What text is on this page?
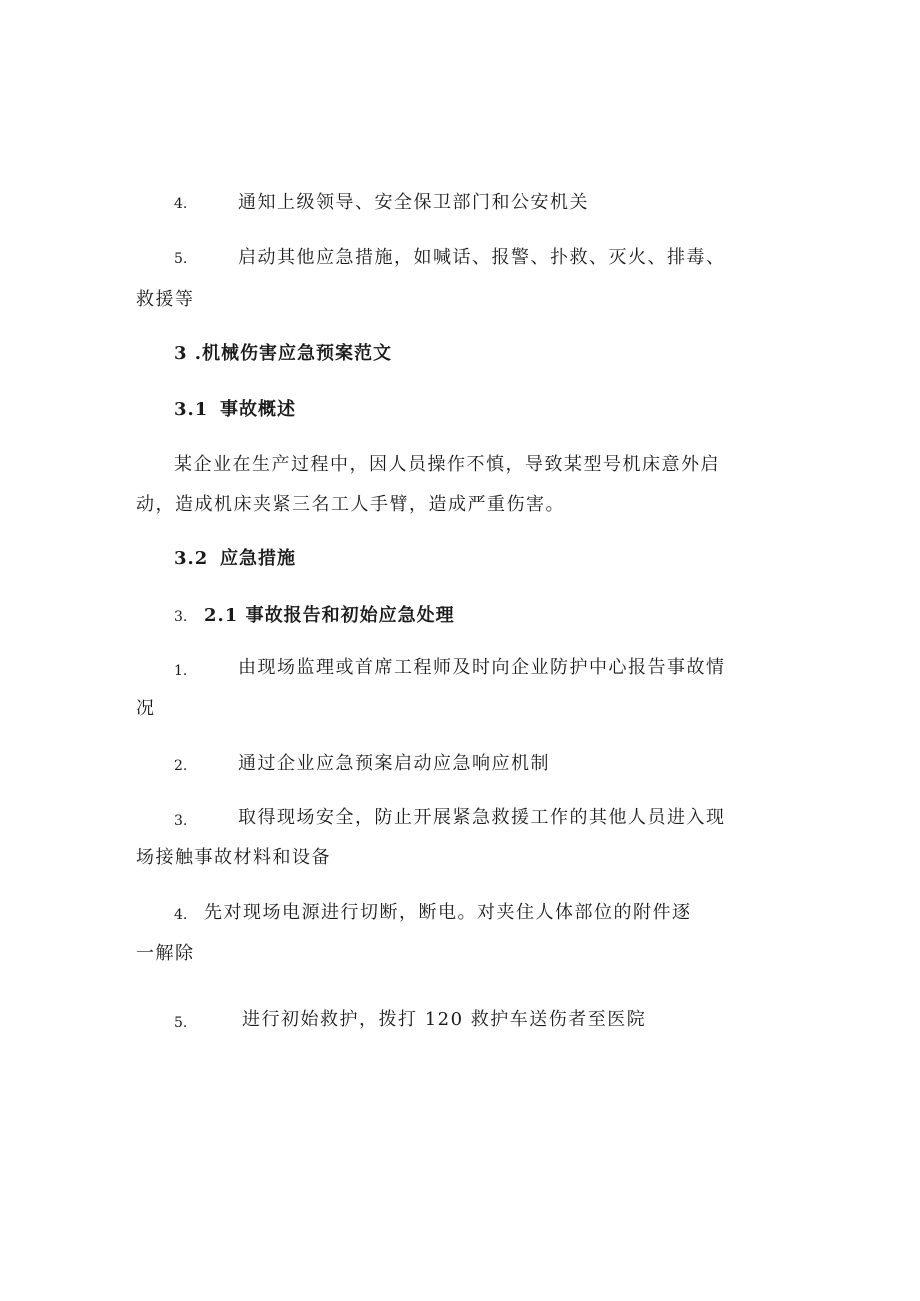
4.	通知上级领导、安全保卫部门和公安机关
5.	启动其他应急措施，如喊话、报警、扑救、灭火、排毒、
救援等
3 .机械伤害应急预案范文
3.1 事故概述
某企业在生产过程中，因人员操作不慎，导致某型号机床意外启
动，造成机床夹紧三名工人手臂，造成严重伤害。
3.2 应急措施
3. 2.1 事故报告和初始应急处理
1.	由现场监理或首席工程师及时向企业防护中心报告事故情
况
2.	通过企业应急预案启动应急响应机制
3.	取得现场安全，防止开展紧急救援工作的其他人员进入现
场接触事故材料和设备
4. 先对现场电源进行切断，断电。对夹住人体部位的附件逐
一解除
5.	进行初始救护，拨打 120 救护车送伤者至医院
